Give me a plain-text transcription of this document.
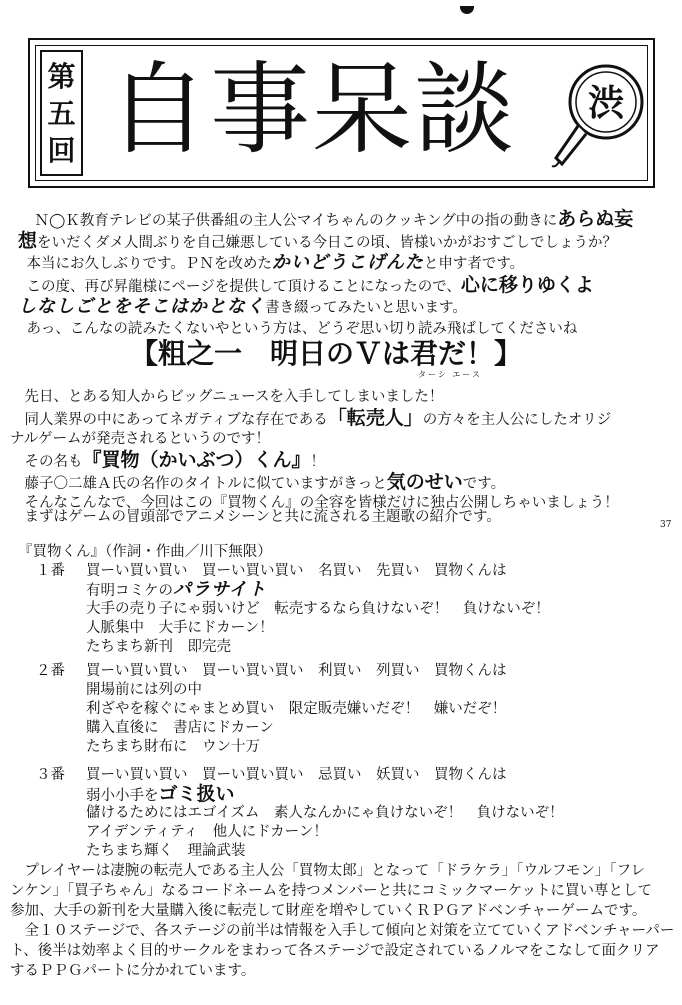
第
五
回 自事呆談 渋
　Ｎ◯Ｋ教育テレビの某子供番組の主人公マイちゃんのクッキング中の指の動きにあらぬ妄
想をいだくダメ人間ぶりを自己嫌悪している今日この頃、皆様いかがおすごしでしょうか？
　本当にお久しぶりです。ＰＮを改めたかいどうこげんたと申す者です。
　この度、再び昇龍様にページを提供して頂けることになったので、心に移りゆくよ
しなしごとをそこはかとなく書き綴ってみたいと思います。
　あっ、こんなの読みたくないやという方は、どうぞ思い切り読み飛ばしてくださいね
【粗之一　明日のＶは君だ！】
ターシ エース
　先日、とある知人からビッグニュースを入手してしまいました！
　同人業界の中にあってネガティブな存在である「転売人」の方々を主人公にしたオリジ
ナルゲームが発売されるというのです！
　その名も『買物（かいぶつ）くん』！
　藤子〇二雄Ａ氏の名作のタイトルに似ていますがきっと気のせいです。
　そんなこんなで、今回はこの『買物くん』の全容を皆様だけに独占公開しちゃいましょう！
　まずはゲームの冒頭部でアニメシーンと共に流される主題歌の紹介です。	37
『買物くん』（作詞・作曲／川下無限）
１番 買ーい買い買い　買ーい買い買い　名買い　先買い　買物くんは
有明コミケのパラサイト
大手の売り子にゃ弱いけど　転売するなら負けないぞ！　負けないぞ！
人脈集中　大手にドカーン！
たちまち新刊　即完売
２番 買ーい買い買い　買ーい買い買い　利買い　列買い　買物くんは
開場前には列の中
利ざやを稼ぐにゃまとめ買い　限定販売嫌いだぞ！　嫌いだぞ！
購入直後に　書店にドカーン
たちまち財布に　ウン十万
３番 買ーい買い買い　買ーい買い買い　忌買い　妖買い　買物くんは
弱小小手をゴミ扱い
儲けるためにはエゴイズム　素人なんかにゃ負けないぞ！　負けないぞ！
アイデンティティ　他人にドカーン！
たちまち輝く　理論武装
　プレイヤーは凄腕の転売人である主人公「買物太郎」となって「ドラケラ」「ウルフモン」「フレ
ンケン」「買子ちゃん」なるコードネームを持つメンバーと共にコミックマーケットに買い専として
参加、大手の新刊を大量購入後に転売して財産を増やしていくＲＰＧアドベンチャーゲームです。
　全１０ステージで、各ステージの前半は情報を入手して傾向と対策を立てていくアドベンチャーパー
ト、後半は効率よく目的サークルをまわって各ステージで設定されているノルマをこなして面クリア
するＰＰＧパートに分かれています。
